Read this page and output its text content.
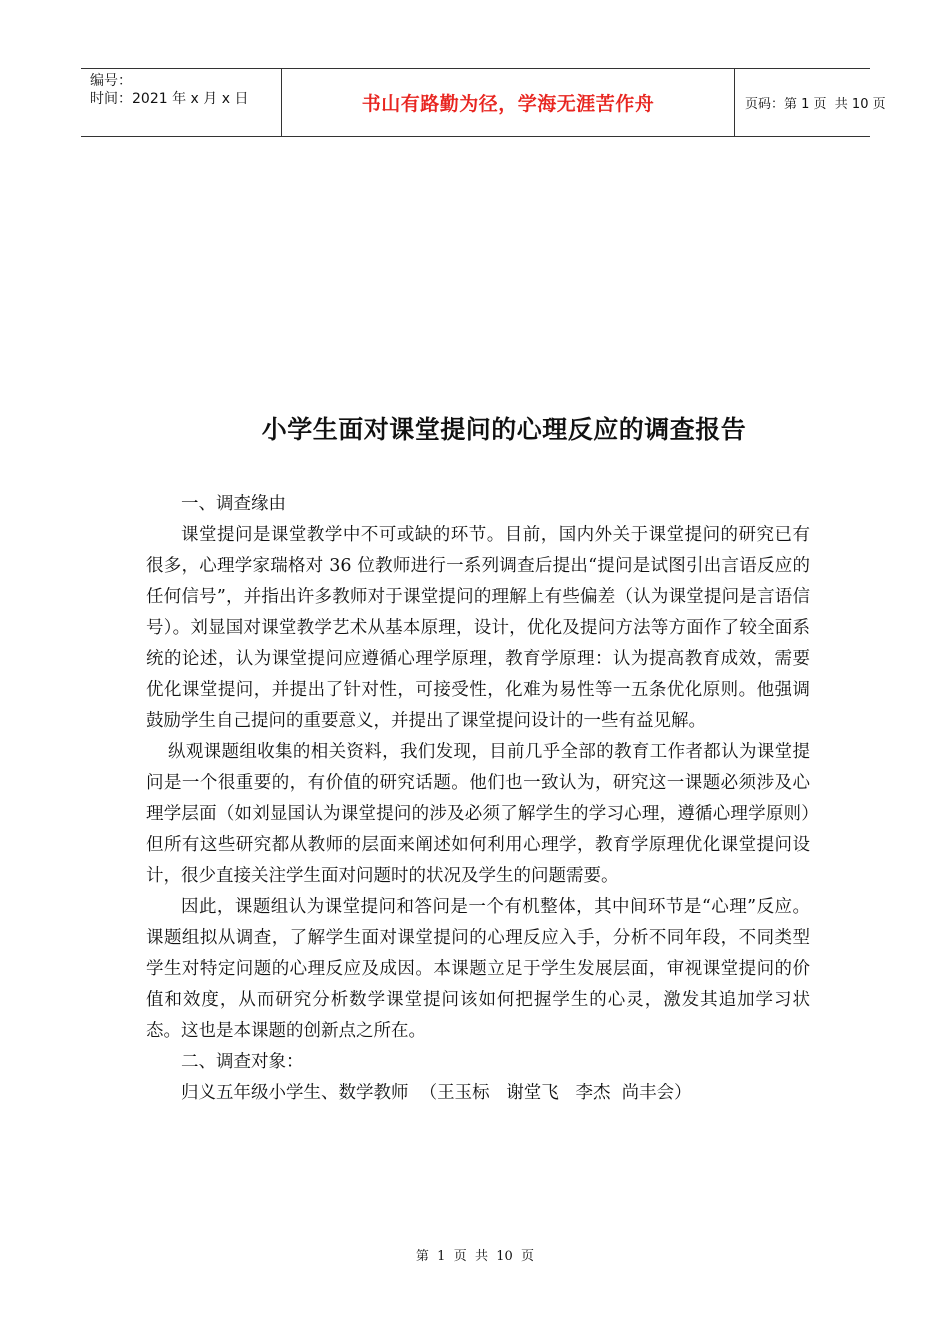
编号：
时间：2021 年 x 月 x 日	书山有路勤为径，学海无涯苦作舟	页码：第 1 页  共 10 页
小学生面对课堂提问的心理反应的调查报告

一、调查缘由

课堂提问是课堂教学中不可或缺的环节。目前，国内外关于课堂提问的研究已有很多，心理学家瑞格对 36 位教师进行一系列调查后提出“提问是试图引出言语反应的任何信号”，并指出许多教师对于课堂提问的理解上有些偏差（认为课堂提问是言语信号）。刘显国对课堂教学艺术从基本原理，设计，优化及提问方法等方面作了较全面系统的论述，认为课堂提问应遵循心理学原理，教育学原理：认为提高教育成效，需要优化课堂提问，并提出了针对性，可接受性，化难为易性等一五条优化原则。他强调鼓励学生自己提问的重要意义，并提出了课堂提问设计的一些有益见解。

纵观课题组收集的相关资料，我们发现，目前几乎全部的教育工作者都认为课堂提问是一个很重要的，有价值的研究话题。他们也一致认为，研究这一课题必须涉及心理学层面（如刘显国认为课堂提问的涉及必须了解学生的学习心理，遵循心理学原则）但所有这些研究都从教师的层面来阐述如何利用心理学，教育学原理优化课堂提问设计，很少直接关注学生面对问题时的状况及学生的问题需要。

因此，课题组认为课堂提问和答问是一个有机整体，其中间环节是“心理”反应。课题组拟从调查，了解学生面对课堂提问的心理反应入手，分析不同年段，不同类型学生对特定问题的心理反应及成因。本课题立足于学生发展层面，审视课堂提问的价值和效度，从而研究分析数学课堂提问该如何把握学生的心灵，激发其追加学习状态。这也是本课题的创新点之所在。

二、调查对象：

归义五年级小学生、数学教师  （王玉标   谢堂飞   李杰  尚丰会）

第  1  页  共  10  页
